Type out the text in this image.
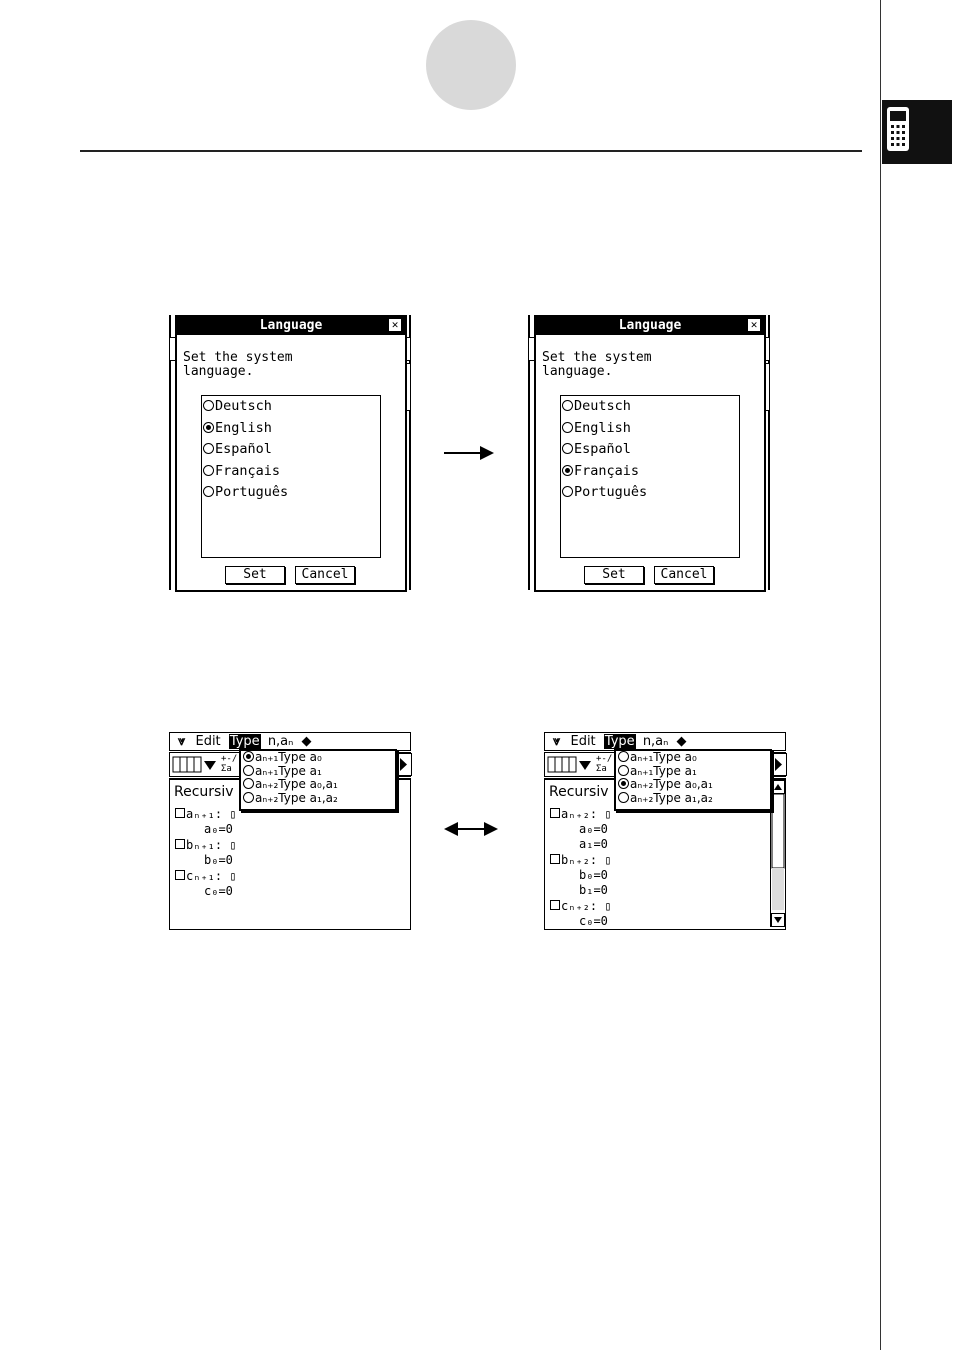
Language	✕
Set the system
language.
Deutsch
English
Español
Français
Português
Set	Cancel
Language	✕
Set the system
language.
Deutsch
English
Español
Français
Português
Set	Cancel
⩔ Edit Type n,aₙ ◆
+-/
Σa
Recursiv
aₙ₊₁: ▯
a₀=0
bₙ₊₁: ▯
b₀=0
cₙ₊₁: ▯
c₀=0
aₙ₊₁Type a₀
aₙ₊₁Type a₁
aₙ₊₂Type a₀,a₁
aₙ₊₂Type a₁,a₂
⩔ Edit Type n,aₙ ◆
+-/
Σa
Recursiv
aₙ₊₂: ▯
a₀=0
a₁=0
bₙ₊₂: ▯
b₀=0
b₁=0
cₙ₊₂: ▯
c₀=0
aₙ₊₁Type a₀
aₙ₊₁Type a₁
aₙ₊₂Type a₀,a₁
aₙ₊₂Type a₁,a₂
